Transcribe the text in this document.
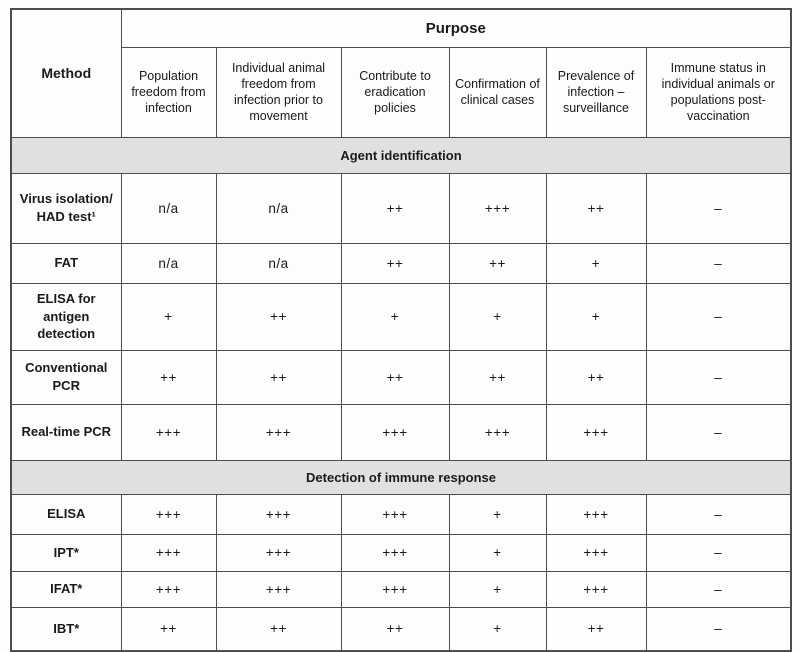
Method	Purpose					
	Population freedom from infection	Individual animal freedom from infection prior to movement	Contribute to eradication policies	Confirmation of clinical cases	Prevalence of infection – surveillance	Immune status in individual animals or populations post-vaccination
Agent identification						
Virus isolation/ HAD test¹	n/a	n/a	++	+++	++	–
FAT	n/a	n/a	++	++	+	–
ELISA for antigen detection	+	++	+	+	+	–
Conventional PCR	++	++	++	++	++	–
Real-time PCR	+++	+++	+++	+++	+++	–
Detection of immune response						
ELISA	+++	+++	+++	+	+++	–
IPT*	+++	+++	+++	+	+++	–
IFAT*	+++	+++	+++	+	+++	–
IBT*	++	++	++	+	++	–
